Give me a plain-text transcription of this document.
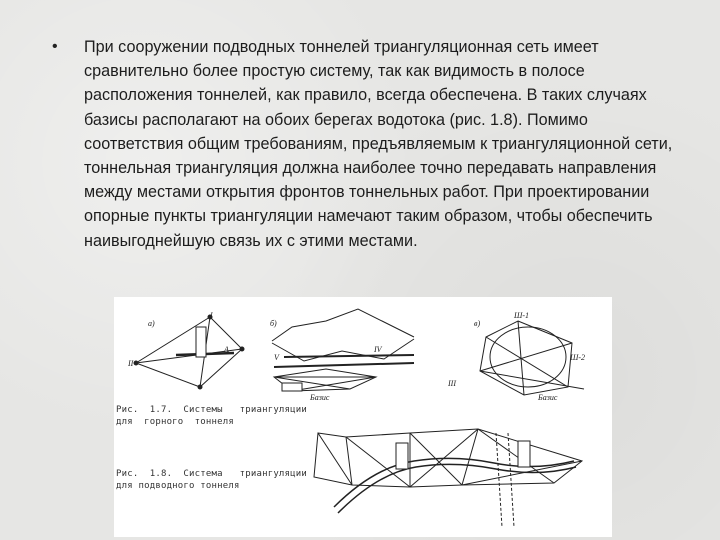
• При сооружении подводных тоннелей триангуляционная сеть имеет сравнительно более простую систему, так как видимость в полосе расположения тоннелей, как правило, всегда обеспечена. В таких случаях базисы располагают на обоих берегах водотока (рис. 1.8). Помимо соответствия общим требованиям, предъявляемым к триангуляционной сети, тоннельная триангуляция должна наиболее точно передавать направления между местами открытия фронтов тоннельных работ. При проектировании опорные пункты триангуляции намечают таким образом, чтобы обеспечить наивыгоднейшую связь их с этими местами.

а)	б)	в)
I
II
A	IV
V
III
Базис
Ш-1
Ш-2
Базис
Рис.  1.7.  Системы   триангуляции
для  горного  тоннеля
Рис.  1.8.  Система   триангуляции
для подводного тоннеля
